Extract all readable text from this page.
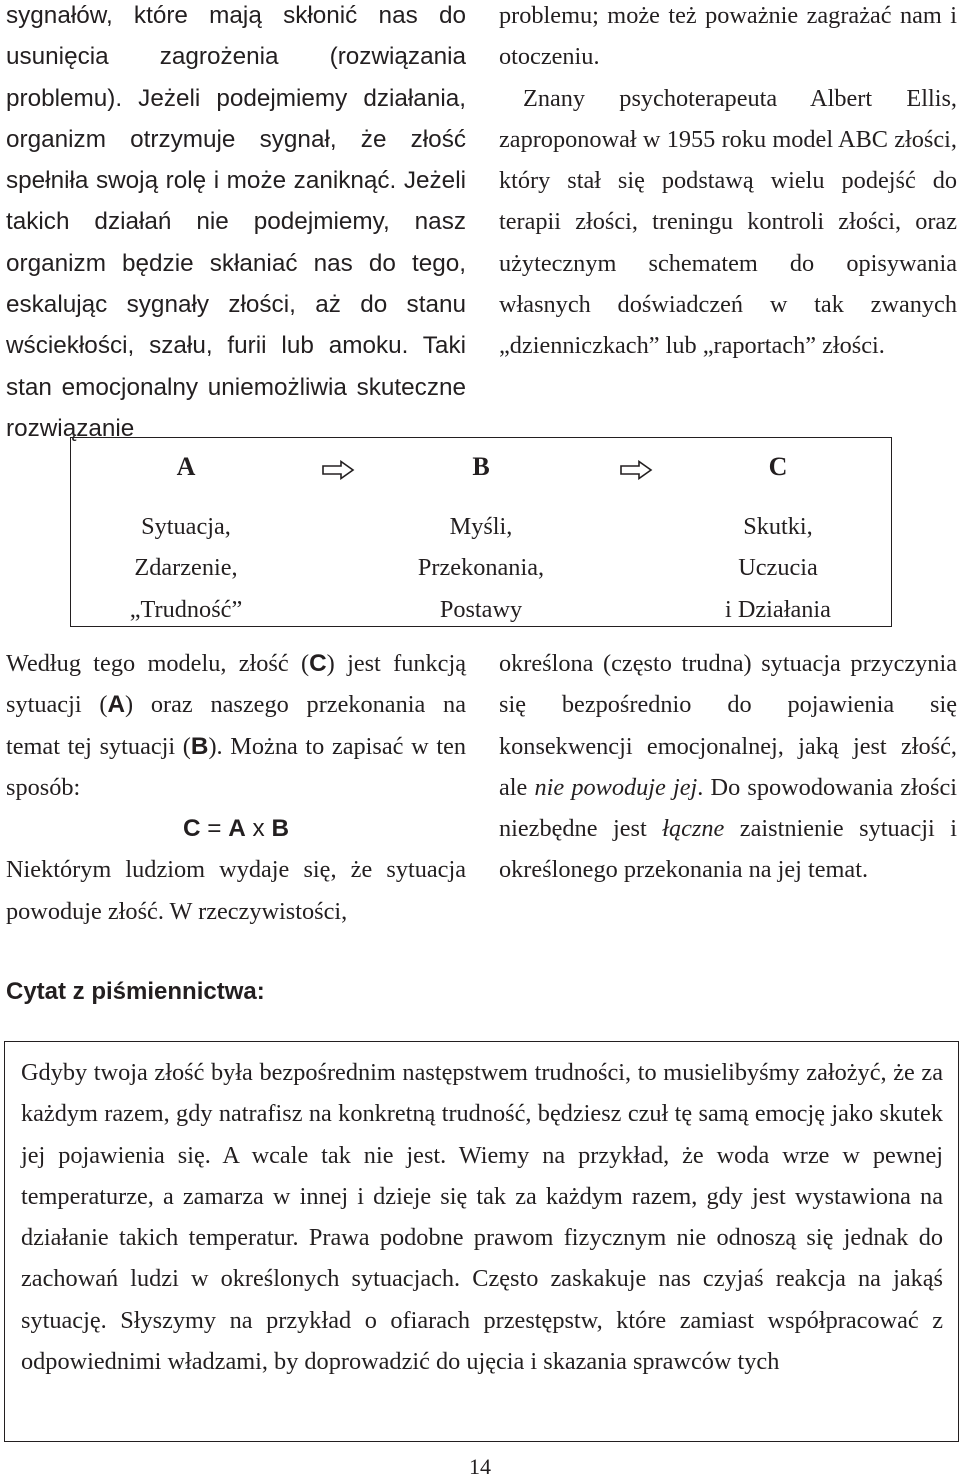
sygnałów, które mają skłonić nas do usunięcia zagrożenia (rozwiązania problemu). Jeżeli podejmiemy działania, organizm otrzymuje sygnał, że złość spełniła swoją rolę i może zaniknąć. Jeżeli takich działań nie podejmiemy, nasz organizm będzie skłaniać nas do tego, eskalując sygnały złości, aż do stanu wściekłości, szału, furii lub amoku. Taki stan emocjonalny uniemożliwia skuteczne rozwiązanie

problemu; może też poważnie zagrażać nam i otoczeniu.

Znany psychoterapeuta Albert Ellis, zaproponował w 1955 roku model ABC złości, który stał się podstawą wielu podejść do terapii złości, treningu kontroli złości, oraz użytecznym schematem do opisywania własnych doświadczeń w tak zwanych „dzienniczkach” lub „raportach” złości.

A	B	C
Sytuacja,
Zdarzenie,
„Trudność”
Myśli,
Przekonania,
Postawy
Skutki,
Uczucia
i Działania

Według tego modelu, złość (C) jest funkcją sytuacji (A) oraz naszego przekonania na temat tej sytuacji (B). Można to zapisać w ten sposób:

C = A x B

Niektórym ludziom wydaje się, że sytuacja powoduje złość. W rzeczywistości,

określona (często trudna) sytuacja przyczynia się bezpośrednio do pojawienia się konsekwencji emocjonalnej, jaką jest złość, ale nie powoduje jej. Do spowodowania złości niezbędne jest łączne zaistnienie sytuacji i określonego przekonania na jej temat.

Cytat z piśmiennictwa:

Gdyby twoja złość była bezpośrednim następstwem trudności, to musielibyśmy założyć, że za każdym razem, gdy natrafisz na konkretną trudność, będziesz czuł tę samą emocję jako skutek jej pojawienia się. A wcale tak nie jest. Wiemy na przykład, że woda wrze w pewnej temperaturze, a zamarza w innej i dzieje się tak za każdym razem, gdy jest wystawiona na działanie takich temperatur. Prawa podobne prawom fizycznym nie odnoszą się jednak do zachowań ludzi w określonych sytuacjach. Często zaskakuje nas czyjaś reakcja na jakąś sytuację. Słyszymy na przykład o ofiarach przestępstw, które zamiast współpracować z odpowiednimi władzami, by doprowadzić do ujęcia i skazania sprawców tych

14
